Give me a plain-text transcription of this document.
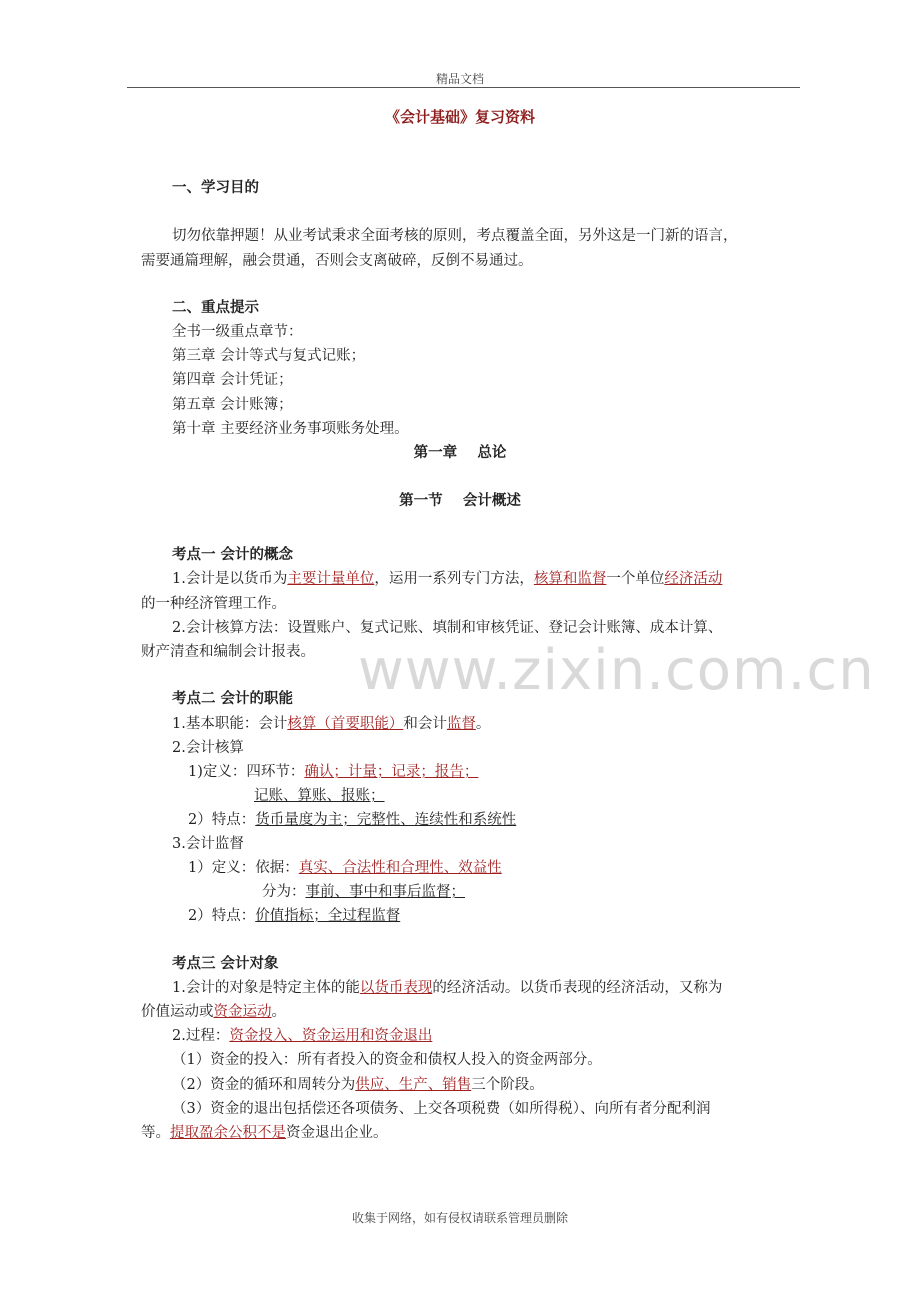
精品文档
www.zixin.com.cn
《会计基础》复习资料
一、学习目的
切勿依靠押题！从业考试秉求全面考核的原则，考点覆盖全面，另外这是一门新的语言，
需要通篇理解，融会贯通，否则会支离破碎，反倒不易通过。
二、重点提示
全书一级重点章节：
第三章 会计等式与复式记账；
第四章 会计凭证；
第五章 会计账簿；
第十章 主要经济业务事项账务处理。
第一章    总论
第一节    会计概述
考点一 会计的概念
1.会计是以货币为主要计量单位，运用一系列专门方法，核算和监督一个单位经济活动
的一种经济管理工作。
2.会计核算方法：设置账户、复式记账、填制和审核凭证、登记会计账簿、成本计算、
财产清查和编制会计报表。
考点二 会计的职能
1.基本职能：会计核算（首要职能）和会计监督。
2.会计核算
1)定义：四环节：确认；计量；记录；报告；
记账、算账、报账；
2）特点：货币量度为主；完整性、连续性和系统性
3.会计监督
1）定义：依据：真实、合法性和合理性、效益性
分为：事前、事中和事后监督；
2）特点：价值指标；全过程监督
考点三 会计对象
1.会计的对象是特定主体的能以货币表现的经济活动。以货币表现的经济活动，又称为
价值运动或资金运动。
2.过程：资金投入、资金运用和资金退出
（1）资金的投入：所有者投入的资金和债权人投入的资金两部分。
（2）资金的循环和周转分为供应、生产、销售三个阶段。
（3）资金的退出包括偿还各项债务、上交各项税费（如所得税）、向所有者分配利润
等。提取盈余公积不是资金退出企业。
收集于网络，如有侵权请联系管理员删除
